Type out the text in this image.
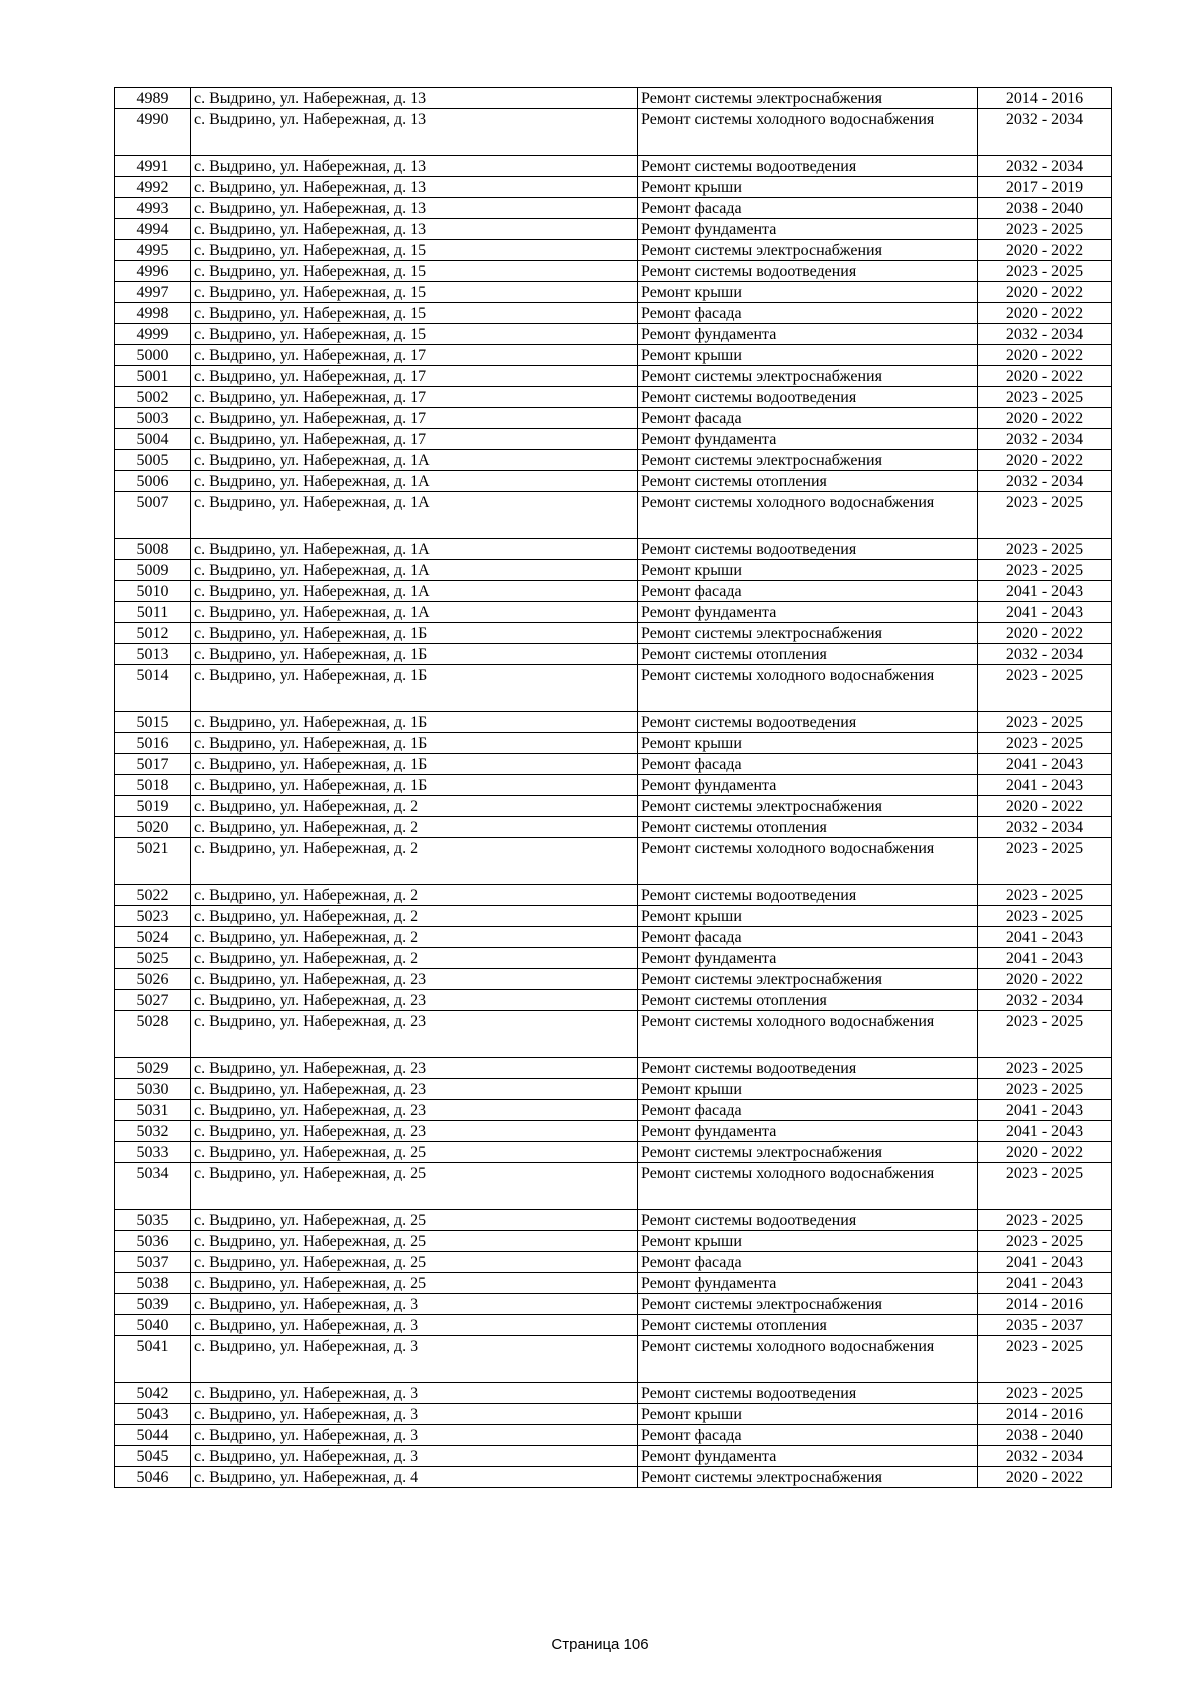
4989	с. Выдрино, ул. Набережная, д. 13	Ремонт системы электроснабжения	2014 - 2016
4990	с. Выдрино, ул. Набережная, д. 13	Ремонт системы холодного водоснабжения	2032 - 2034
4991	с. Выдрино, ул. Набережная, д. 13	Ремонт системы водоотведения	2032 - 2034
4992	с. Выдрино, ул. Набережная, д. 13	Ремонт крыши	2017 - 2019
4993	с. Выдрино, ул. Набережная, д. 13	Ремонт фасада	2038 - 2040
4994	с. Выдрино, ул. Набережная, д. 13	Ремонт фундамента	2023 - 2025
4995	с. Выдрино, ул. Набережная, д. 15	Ремонт системы электроснабжения	2020 - 2022
4996	с. Выдрино, ул. Набережная, д. 15	Ремонт системы водоотведения	2023 - 2025
4997	с. Выдрино, ул. Набережная, д. 15	Ремонт крыши	2020 - 2022
4998	с. Выдрино, ул. Набережная, д. 15	Ремонт фасада	2020 - 2022
4999	с. Выдрино, ул. Набережная, д. 15	Ремонт фундамента	2032 - 2034
5000	с. Выдрино, ул. Набережная, д. 17	Ремонт крыши	2020 - 2022
5001	с. Выдрино, ул. Набережная, д. 17	Ремонт системы электроснабжения	2020 - 2022
5002	с. Выдрино, ул. Набережная, д. 17	Ремонт системы водоотведения	2023 - 2025
5003	с. Выдрино, ул. Набережная, д. 17	Ремонт фасада	2020 - 2022
5004	с. Выдрино, ул. Набережная, д. 17	Ремонт фундамента	2032 - 2034
5005	с. Выдрино, ул. Набережная, д. 1А	Ремонт системы электроснабжения	2020 - 2022
5006	с. Выдрино, ул. Набережная, д. 1А	Ремонт системы отопления	2032 - 2034
5007	с. Выдрино, ул. Набережная, д. 1А	Ремонт системы холодного водоснабжения	2023 - 2025
5008	с. Выдрино, ул. Набережная, д. 1А	Ремонт системы водоотведения	2023 - 2025
5009	с. Выдрино, ул. Набережная, д. 1А	Ремонт крыши	2023 - 2025
5010	с. Выдрино, ул. Набережная, д. 1А	Ремонт фасада	2041 - 2043
5011	с. Выдрино, ул. Набережная, д. 1А	Ремонт фундамента	2041 - 2043
5012	с. Выдрино, ул. Набережная, д. 1Б	Ремонт системы электроснабжения	2020 - 2022
5013	с. Выдрино, ул. Набережная, д. 1Б	Ремонт системы отопления	2032 - 2034
5014	с. Выдрино, ул. Набережная, д. 1Б	Ремонт системы холодного водоснабжения	2023 - 2025
5015	с. Выдрино, ул. Набережная, д. 1Б	Ремонт системы водоотведения	2023 - 2025
5016	с. Выдрино, ул. Набережная, д. 1Б	Ремонт крыши	2023 - 2025
5017	с. Выдрино, ул. Набережная, д. 1Б	Ремонт фасада	2041 - 2043
5018	с. Выдрино, ул. Набережная, д. 1Б	Ремонт фундамента	2041 - 2043
5019	с. Выдрино, ул. Набережная, д. 2	Ремонт системы электроснабжения	2020 - 2022
5020	с. Выдрино, ул. Набережная, д. 2	Ремонт системы отопления	2032 - 2034
5021	с. Выдрино, ул. Набережная, д. 2	Ремонт системы холодного водоснабжения	2023 - 2025
5022	с. Выдрино, ул. Набережная, д. 2	Ремонт системы водоотведения	2023 - 2025
5023	с. Выдрино, ул. Набережная, д. 2	Ремонт крыши	2023 - 2025
5024	с. Выдрино, ул. Набережная, д. 2	Ремонт фасада	2041 - 2043
5025	с. Выдрино, ул. Набережная, д. 2	Ремонт фундамента	2041 - 2043
5026	с. Выдрино, ул. Набережная, д. 23	Ремонт системы электроснабжения	2020 - 2022
5027	с. Выдрино, ул. Набережная, д. 23	Ремонт системы отопления	2032 - 2034
5028	с. Выдрино, ул. Набережная, д. 23	Ремонт системы холодного водоснабжения	2023 - 2025
5029	с. Выдрино, ул. Набережная, д. 23	Ремонт системы водоотведения	2023 - 2025
5030	с. Выдрино, ул. Набережная, д. 23	Ремонт крыши	2023 - 2025
5031	с. Выдрино, ул. Набережная, д. 23	Ремонт фасада	2041 - 2043
5032	с. Выдрино, ул. Набережная, д. 23	Ремонт фундамента	2041 - 2043
5033	с. Выдрино, ул. Набережная, д. 25	Ремонт системы электроснабжения	2020 - 2022
5034	с. Выдрино, ул. Набережная, д. 25	Ремонт системы холодного водоснабжения	2023 - 2025
5035	с. Выдрино, ул. Набережная, д. 25	Ремонт системы водоотведения	2023 - 2025
5036	с. Выдрино, ул. Набережная, д. 25	Ремонт крыши	2023 - 2025
5037	с. Выдрино, ул. Набережная, д. 25	Ремонт фасада	2041 - 2043
5038	с. Выдрино, ул. Набережная, д. 25	Ремонт фундамента	2041 - 2043
5039	с. Выдрино, ул. Набережная, д. 3	Ремонт системы электроснабжения	2014 - 2016
5040	с. Выдрино, ул. Набережная, д. 3	Ремонт системы отопления	2035 - 2037
5041	с. Выдрино, ул. Набережная, д. 3	Ремонт системы холодного водоснабжения	2023 - 2025
5042	с. Выдрино, ул. Набережная, д. 3	Ремонт системы водоотведения	2023 - 2025
5043	с. Выдрино, ул. Набережная, д. 3	Ремонт крыши	2014 - 2016
5044	с. Выдрино, ул. Набережная, д. 3	Ремонт фасада	2038 - 2040
5045	с. Выдрино, ул. Набережная, д. 3	Ремонт фундамента	2032 - 2034
5046	с. Выдрино, ул. Набережная, д. 4	Ремонт системы электроснабжения	2020 - 2022
Страница 106
